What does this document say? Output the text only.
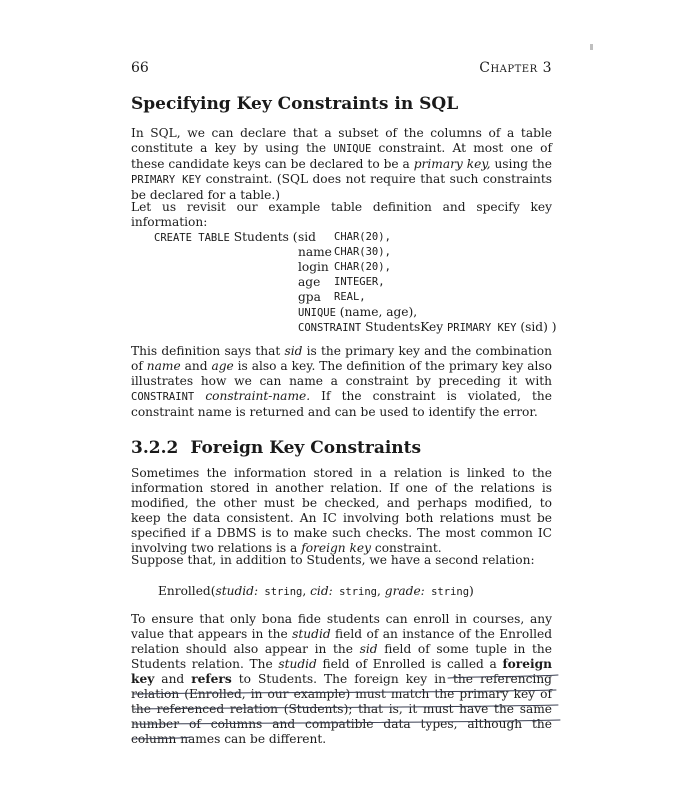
66	Chapter 3
Specifying Key Constraints in SQL

In SQL, we can declare that a subset of the columns of a table constitute a key by using the UNIQUE constraint. At most one of these candidate keys can be declared to be a primary key, using the PRIMARY KEY constraint. (SQL does not require that such constraints be declared for a table.)

Let us revisit our example table definition and specify key information:

CREATE TABLE Students ( sid CHAR(20),
name CHAR(30),
login CHAR(20),
age INTEGER,
gpa REAL,
UNIQUE (name, age),
CONSTRAINT StudentsKey PRIMARY KEY (sid) )

This definition says that sid is the primary key and the combination of name and age is also a key. The definition of the primary key also illustrates how we can name a constraint by preceding it with CONSTRAINT constraint-name. If the constraint is violated, the constraint name is returned and can be used to identify the error.

3.2.2 Foreign Key Constraints

Sometimes the information stored in a relation is linked to the information stored in another relation. If one of the relations is modified, the other must be checked, and perhaps modified, to keep the data consistent. An IC involving both relations must be specified if a DBMS is to make such checks. The most common IC involving two relations is a foreign key constraint.

Suppose that, in addition to Students, we have a second relation:

Enrolled(studid: string, cid: string, grade: string)

To ensure that only bona fide students can enroll in courses, any value that appears in the studid field of an instance of the Enrolled relation should also appear in the sid field of some tuple in the Students relation. The studid field of Enrolled is called a foreign key and refers to Students. The foreign key in the referencing relation (Enrolled, in our example) must match the primary key of the referenced relation (Students); that is, it must have the same number of columns and compatible data types, although the column names can be different.
